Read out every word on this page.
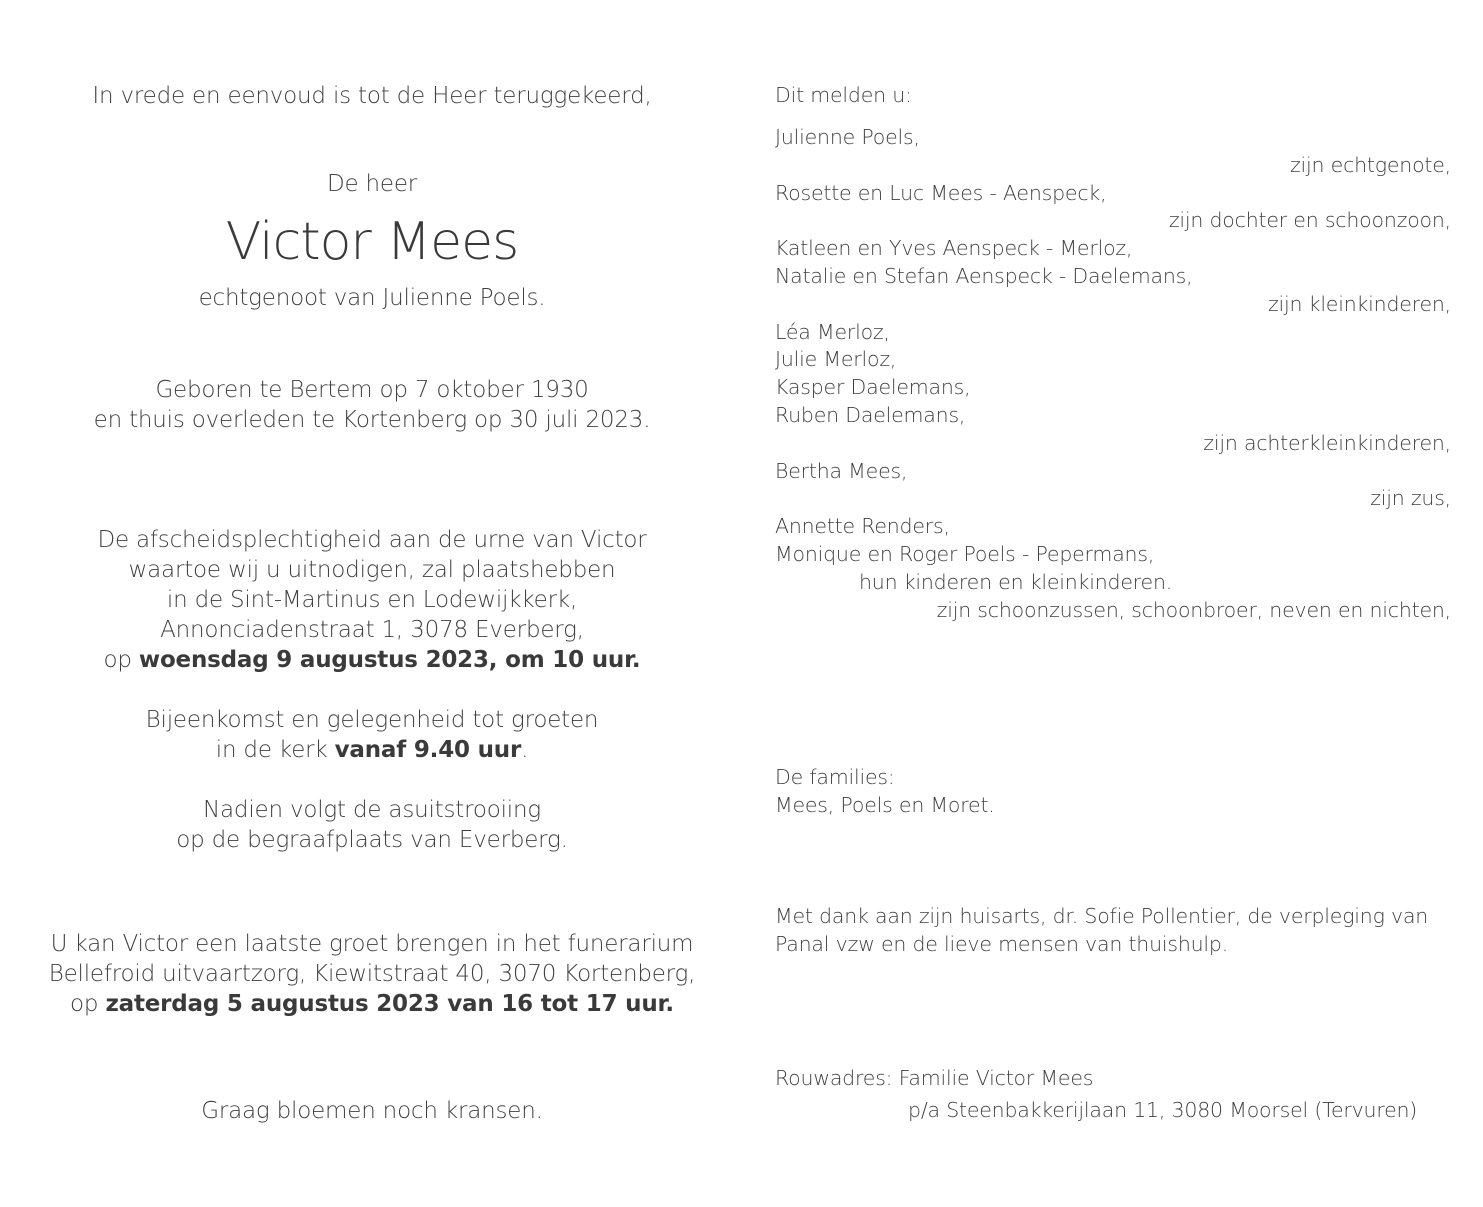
In vrede en eenvoud is tot de Heer teruggekeerd,
De heer
Victor Mees
echtgenoot van Julienne Poels.
Geboren te Bertem op 7 oktober 1930
en thuis overleden te Kortenberg op 30 juli 2023.
De afscheidsplechtigheid aan de urne van Victor
waartoe wij u uitnodigen, zal plaatshebben
in de Sint-Martinus en Lodewijkkerk,
Annonciadenstraat 1, 3078 Everberg,
op woensdag 9 augustus 2023, om 10 uur.
Bijeenkomst en gelegenheid tot groeten
in de kerk vanaf 9.40 uur.
Nadien volgt de asuitstrooiing
op de begraafplaats van Everberg.
U kan Victor een laatste groet brengen in het funerarium
Bellefroid uitvaartzorg, Kiewitstraat 40, 3070 Kortenberg,
op zaterdag 5 augustus 2023 van 16 tot 17 uur.
Graag bloemen noch kransen.
Dit melden u:
Julienne Poels,
zijn echtgenote,
Rosette en Luc Mees - Aenspeck,
zijn dochter en schoonzoon,
Katleen en Yves Aenspeck - Merloz,
Natalie en Stefan Aenspeck - Daelemans,
zijn kleinkinderen,
Léa Merloz,
Julie Merloz,
Kasper Daelemans,
Ruben Daelemans,
zijn achterkleinkinderen,
Bertha Mees,
zijn zus,
Annette Renders,
Monique en Roger Poels - Pepermans,
hun kinderen en kleinkinderen.
zijn schoonzussen, schoonbroer, neven en nichten,
De families:
Mees, Poels en Moret.
Met dank aan zijn huisarts, dr. Sofie Pollentier, de verpleging van
Panal vzw en de lieve mensen van thuishulp.
Rouwadres: Familie Victor Mees
p/a Steenbakkerijlaan 11, 3080 Moorsel (Tervuren)
